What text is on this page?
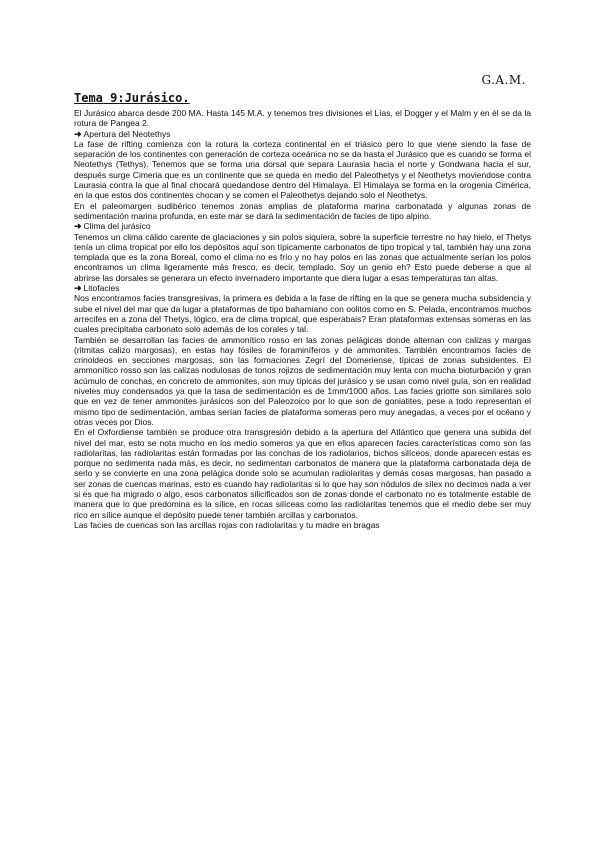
G.A.M.
Tema 9:Jurásico.

El Jurásico abarca desde 200 MA. Hasta 145 M.A. y tenemos tres divisiones el Lías, el Dogger y el Malm y en él se da la rotura de Pangea 2.

➜ Apertura del Neotethys

La fase de rifting comienza con la rotura la corteza continental en el triásico pero lo que viene siendo la fase de separación de los continentes con generación de corteza oceánica no se da hasta el Jurásico que es cuando se forma el Neotethys (Tethys). Tenemos que se forma una dorsal que separa Laurasia hacia el norte y Gondwana hacia el sur, después surge Cimeria que es un continente que se queda en medio del Paleothetys y el Neothetys moviendose contra Laurasia contra la que al final chocará quedandose dentro del Himalaya. El Himalaya se forma en la orogenia Cimérica, en la que estos dos continentes chocan y se comen el Paleothetys dejando solo el Neothetys.

En el paleomargen sudibérico tenemos zonas amplias de plataforma marina carbonatada y algunas zonas de sedimentación marina profunda, en este mar se dará la sedimentación de facies de tipo alpino.

➜ Clima del jurásico

Tenemos un clima cálido carente de glaciaciones y sin polos siquiera, sobre la superficie terrestre no hay hielo, el Thetys tenía un clima tropical por ello los depósitos aquí son típicamente carbonatos de tipo tropical y tal, también hay una zona templada que es la zona Boreal, como el clima no es frío y no hay polos en las zonas que actualmente serían los polos encontramos un clima ligeramente más fresco, es decir, templado. Soy un genio eh? Esto puede deberse a que al abrirse las dorsales se generara un efecto invernadero importante que diera lugar a esas temperaturas tan altas.

➜ Litofacies

Nos encontramos facies transgresivas, la primera es debida a la fase de rifting en la que se genera mucha subsidencia y sube el nivel del mar que da lugar a plataformas de tipo bahamiano con oolitos como en S. Pelada, encontramos muchos arrecifes en a zona del Thetys, lógico, era de clima tropical, que esperabais? Eran plataformas extensas someras en las cuales precipitaba carbonato solo además de los corales y tal.

También se desarrollan las facies de ammonítico rosso en las zonas pelágicas donde alternan con calizas y margas (ritmitas calizo margosas), en estas hay fósiles de foraminíferos y de ammonites. También encontramos facies de crinoideos en secciones margosas, son las formaciones Zegrí del Domeriense, típicas de zonas subsidentes. El ammonítico rosso son las calizas nodulosas de tonos rojizos de sedimentación muy lenta con mucha bioturbación y gran acúmulo de conchas, en concreto de ammonites, son muy típicas del jurásico y se usan como nivel guía, son en realidad niveles muy condensados ya que la tasa de sedimentación es de 1mm/1000 años. Las facies griotte son similares solo que en vez de tener ammonites jurásicos son del Paleozoico por lo que son de goniatites, pese a todo representan el mismo tipo de sedimentación, ambas serían facies de plataforma someras pero muy anegadas, a veces por el océano y otras veces por Dios.

En el Oxfordiense también se produce otra transgresión debido a la apertura del Atlántico que genera una subida del nivel del mar, esto se nota mucho en los medio someros ya que en ellos aparecen facies características como son las radiolaritas, las radiolaritas están formadas por las conchas de los radiolarios, bichos silíceos, donde aparecen estas es porque no sedimenta nada más, es decir, no sedimentan carbonatos de manera que la plataforma carbonatada deja de serlo y se convierte en una zona pelágica donde solo se acumulan radiolaritas y demás cosas margosas, han pasado a ser zonas de cuencas marinas, esto es cuando hay radiolaritas si lo que hay son nódulos de sílex no decimos nada a ver si es que ha migrado o algo, esos carbonatos silicificados son de zonas donde el carbonato no es totalmente estable de manera que lo que predomina es la sílice, en rocas silíceas como las radiolaritas tenemos que el medio debe ser muy rico en sílice aunque el depósito puede tener también arcillas y carbonatos.

Las facies de cuencas son las arcillas rojas con radiolaritas y tu madre en bragas
